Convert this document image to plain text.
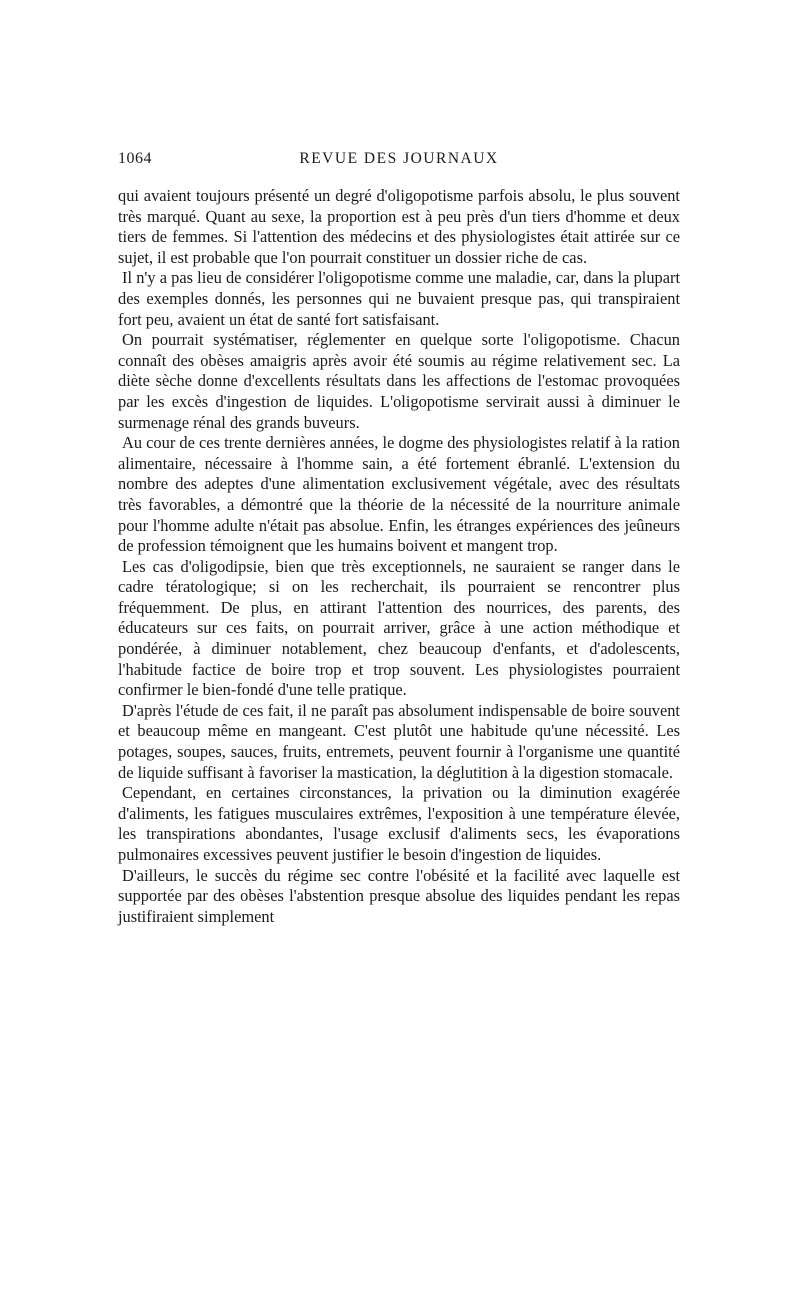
1064	REVUE DES JOURNAUX

qui avaient toujours présenté un degré d'oligopotisme parfois absolu, le plus souvent très marqué. Quant au sexe, la proportion est à peu près d'un tiers d'homme et deux tiers de femmes. Si l'attention des médecins et des physiologistes était attirée sur ce sujet, il est probable que l'on pourrait constituer un dossier riche de cas.

Il n'y a pas lieu de considérer l'oligopotisme comme une maladie, car, dans la plupart des exemples donnés, les personnes qui ne buvaient presque pas, qui transpiraient fort peu, avaient un état de santé fort satisfaisant.

On pourrait systématiser, réglementer en quelque sorte l'oligopotisme. Chacun connaît des obèses amaigris après avoir été soumis au régime relativement sec. La diète sèche donne d'excellents résultats dans les affections de l'estomac provoquées par les excès d'ingestion de liquides. L'oligopotisme servirait aussi à diminuer le surmenage rénal des grands buveurs.

Au cour de ces trente dernières années, le dogme des physiologistes relatif à la ration alimentaire, nécessaire à l'homme sain, a été fortement ébranlé. L'extension du nombre des adeptes d'une alimentation exclusivement végétale, avec des résultats très favorables, a démontré que la théorie de la nécessité de la nourriture animale pour l'homme adulte n'était pas absolue. Enfin, les étranges expériences des jeûneurs de profession témoignent que les humains boivent et mangent trop.

Les cas d'oligodipsie, bien que très exceptionnels, ne sauraient se ranger dans le cadre tératologique; si on les recherchait, ils pourraient se rencontrer plus fréquemment. De plus, en attirant l'attention des nourrices, des parents, des éducateurs sur ces faits, on pourrait arriver, grâce à une action méthodique et pondérée, à diminuer notablement, chez beaucoup d'enfants, et d'adolescents, l'habitude factice de boire trop et trop souvent. Les physiologistes pourraient confirmer le bien-fondé d'une telle pratique.

D'après l'étude de ces fait, il ne paraît pas absolument indispensable de boire souvent et beaucoup même en mangeant. C'est plutôt une habitude qu'une nécessité. Les potages, soupes, sauces, fruits, entremets, peuvent fournir à l'organisme une quantité de liquide suffisant à favoriser la mastication, la déglutition à la digestion stomacale.

Cependant, en certaines circonstances, la privation ou la diminution exagérée d'aliments, les fatigues musculaires extrêmes, l'exposition à une température élevée, les transpirations abondantes, l'usage exclusif d'aliments secs, les évaporations pulmonaires excessives peuvent justifier le besoin d'ingestion de liquides.

D'ailleurs, le succès du régime sec contre l'obésité et la facilité avec laquelle est supportée par des obèses l'abstention presque absolue des liquides pendant les repas justifiraient simplement
